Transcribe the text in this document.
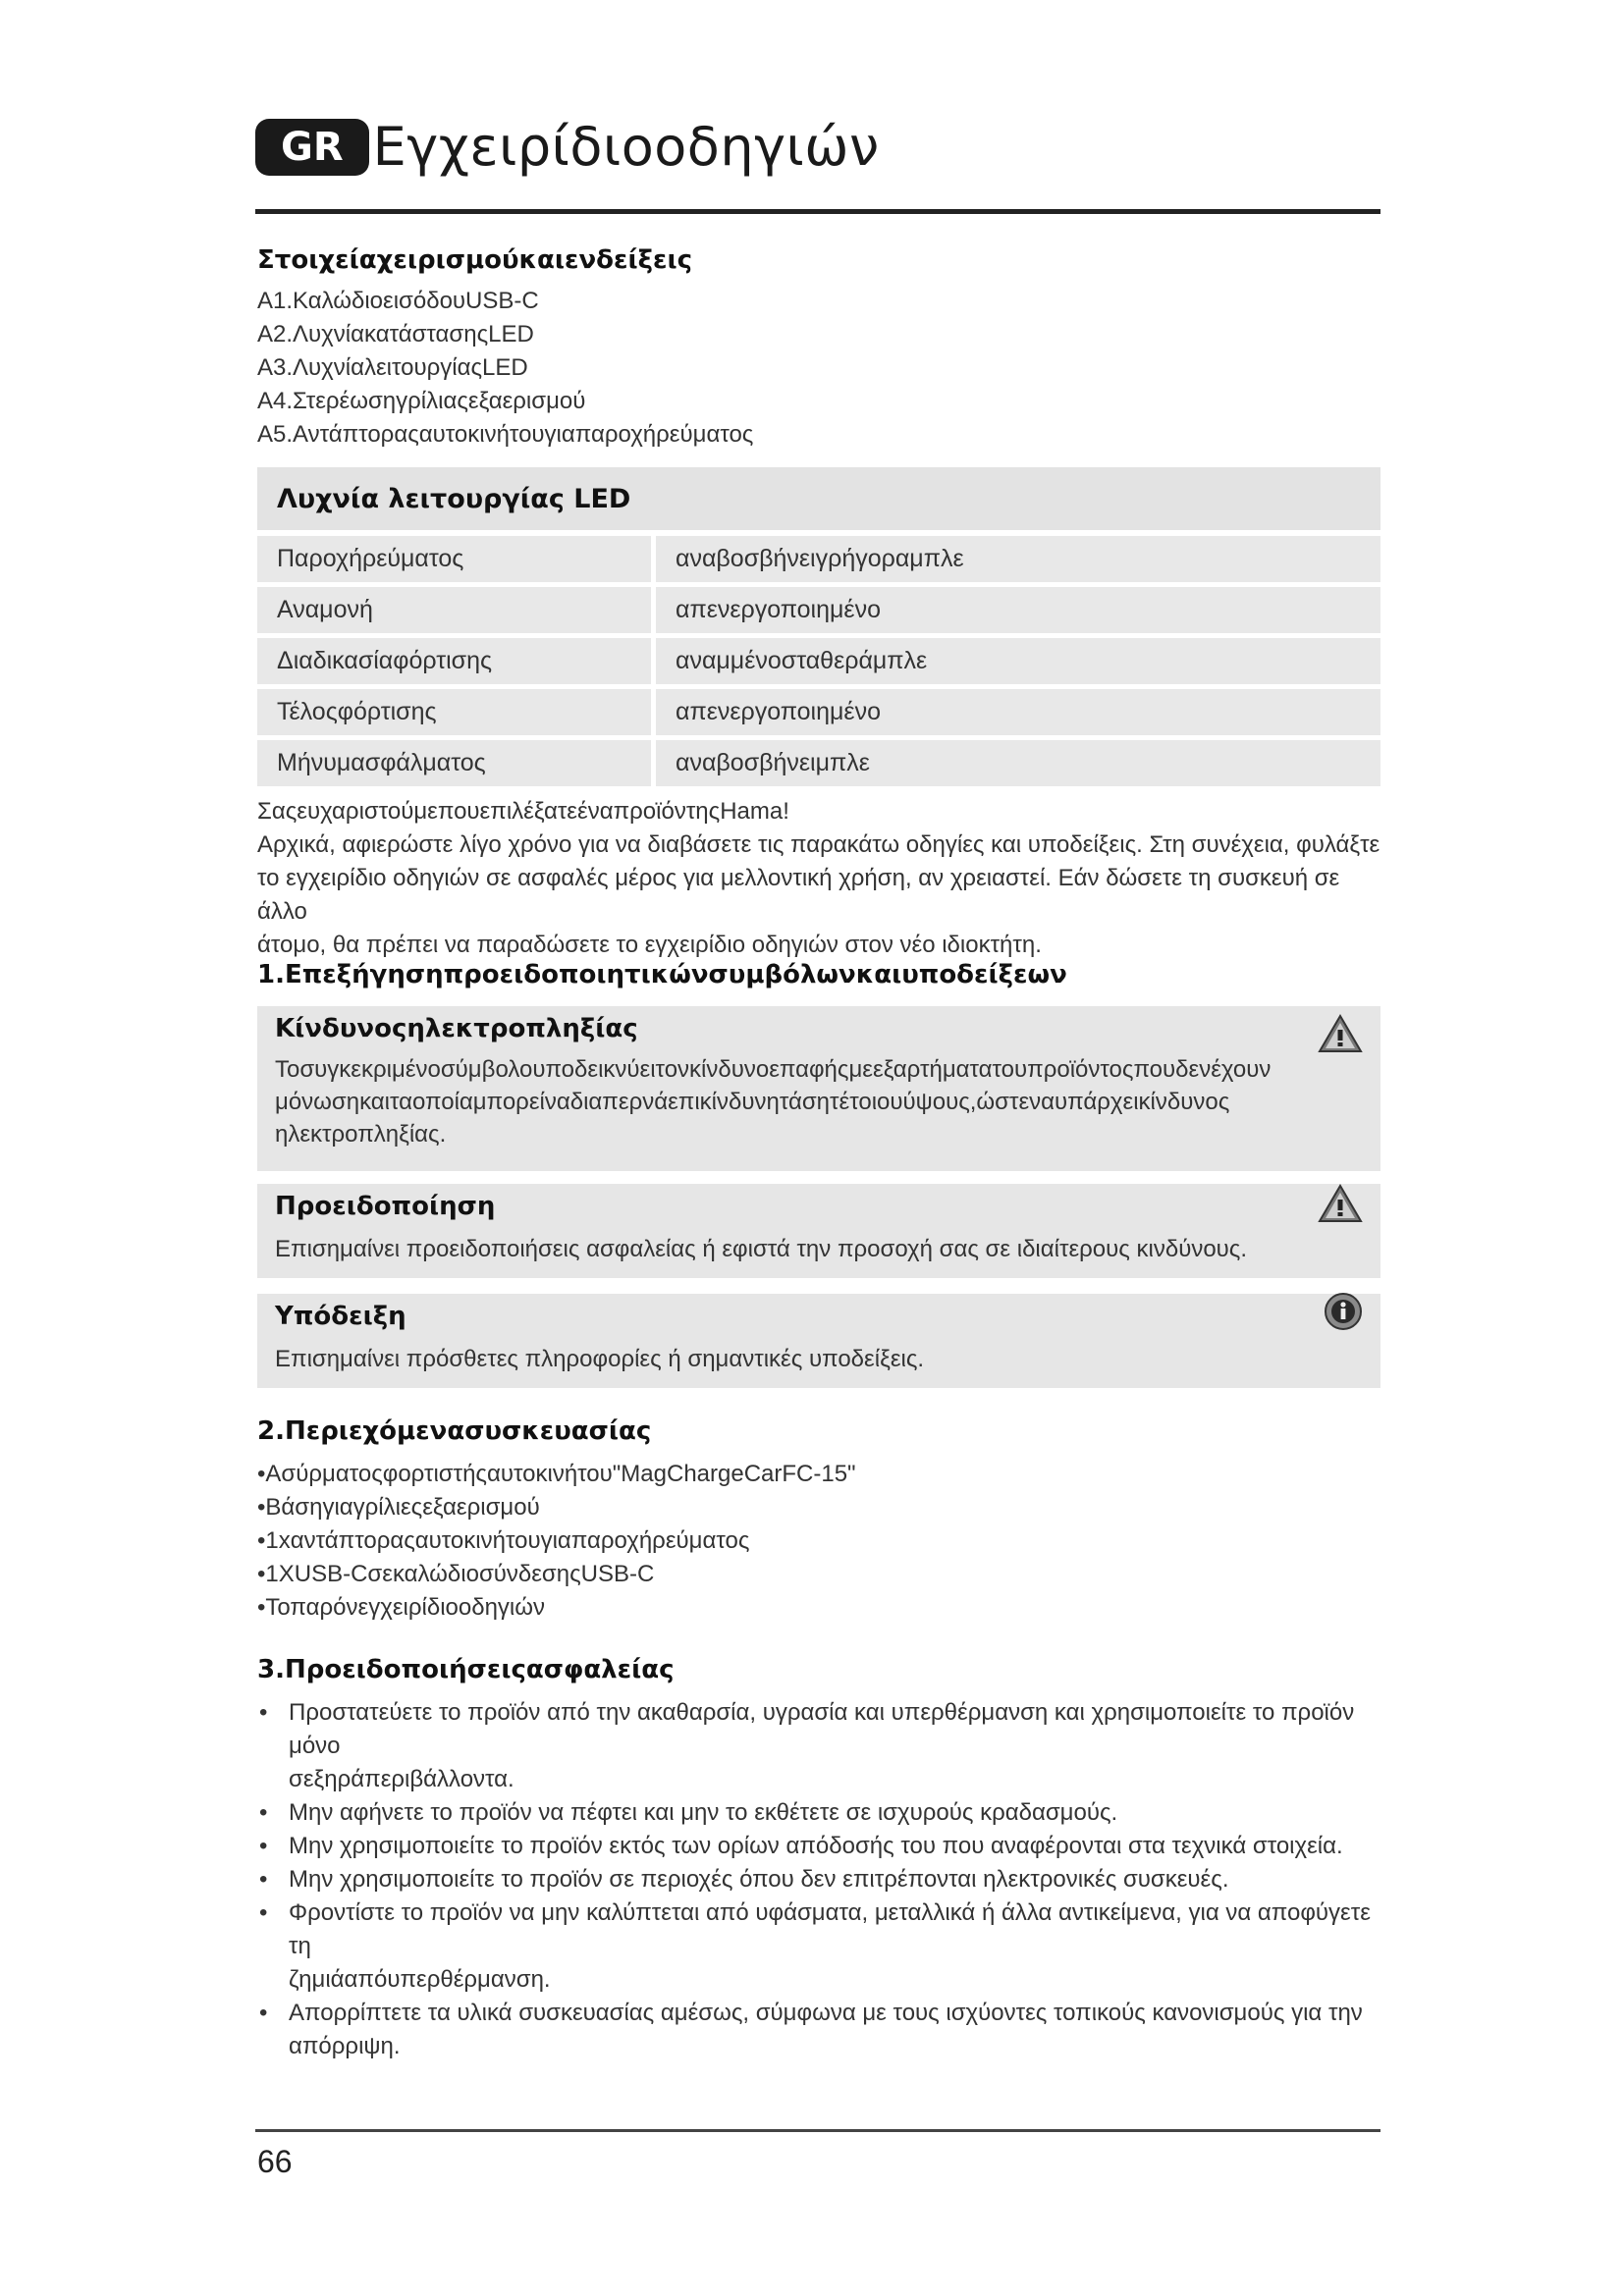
GR Εγχειρίδιοοδηγιών
Στοιχείαχειρισμούκαιενδείξεις
A1.ΚαλώδιοεισόδουUSB-C
A2.ΛυχνίακατάστασηςLED
A3.ΛυχνίαλειτουργίαςLED
A4.Στερέωσηγρίλιαςεξαερισμού
A5.Αντάπτοραςαυτοκινήτουγιαπαροχήρεύματος
Λυχνία λειτουργίας LED
Παροχήρεύματος	αναβοσβήνειγρήγοραμπλε
Αναμονή	απενεργοποιημένο
Διαδικασίαφόρτισης	αναμμένοσταθεράμπλε
Τέλοςφόρτισης	απενεργοποιημένο
Μήνυμασφάλματος	αναβοσβήνειμπλε
ΣαςευχαριστούμεπουεπιλέξατεέναπροϊόντηςHama!
Αρχικά, αφιερώστε λίγο χρόνο για να διαβάσετε τις παρακάτω οδηγίες και υποδείξεις. Στη συνέχεια, φυλάξτε
το εγχειρίδιο οδηγιών σε ασφαλές μέρος για μελλοντική χρήση, αν χρειαστεί. Εάν δώσετε τη συσκευή σε άλλο
άτομο, θα πρέπει να παραδώσετε το εγχειρίδιο οδηγιών στον νέο ιδιοκτήτη.
1.Επεξήγησηπροειδοποιητικώνσυμβόλωνκαιυποδείξεων
Κίνδυνοςηλεκτροπληξίας
Τοσυγκεκριμένοσύμβολουποδεικνύειτονκίνδυνοεπαφήςμεεξαρτήματατουπροϊόντοςπουδενέχουν
μόνωσηκαιταοποίαμπορείναδιαπερνάεπικίνδυνητάσητέτοιουύψους,ώστεναυπάρχεικίνδυνος
ηλεκτροπληξίας.
Προειδοποίηση
Επισημαίνει προειδοποιήσεις ασφαλείας ή εφιστά την προσοχή σας σε ιδιαίτερους κινδύνους.
Υπόδειξη
Επισημαίνει πρόσθετες πληροφορίες ή σημαντικές υποδείξεις.
2.Περιεχόμενασυσκευασίας
•Ασύρματοςφορτιστήςαυτοκινήτου"MagChargeCarFC-15"
•Βάσηγιαγρίλιεςεξαερισμού
•1xαντάπτοραςαυτοκινήτουγιαπαροχήρεύματος
•1XUSB-CσεκαλώδιοσύνδεσηςUSB-C
•Τοπαρόνεγχειρίδιοοδηγιών
3.Προειδοποιήσειςασφαλείας
• Προστατεύετε το προϊόν από την ακαθαρσία, υγρασία και υπερθέρμανση και χρησιμοποιείτε το προϊόν μόνο
σεξηράπεριβάλλοντα.
• Μην αφήνετε το προϊόν να πέφτει και μην το εκθέτετε σε ισχυρούς κραδασμούς.
• Μην χρησιμοποιείτε το προϊόν εκτός των ορίων απόδοσής του που αναφέρονται στα τεχνικά στοιχεία.
• Μην χρησιμοποιείτε το προϊόν σε περιοχές όπου δεν επιτρέπονται ηλεκτρονικές συσκευές.
• Φροντίστε το προϊόν να μην καλύπτεται από υφάσματα, μεταλλικά ή άλλα αντικείμενα, για να αποφύγετε τη
ζημιάαπόυπερθέρμανση.
• Απορρίπτετε τα υλικά συσκευασίας αμέσως, σύμφωνα με τους ισχύοντες τοπικούς κανονισμούς για την
απόρριψη.
66
